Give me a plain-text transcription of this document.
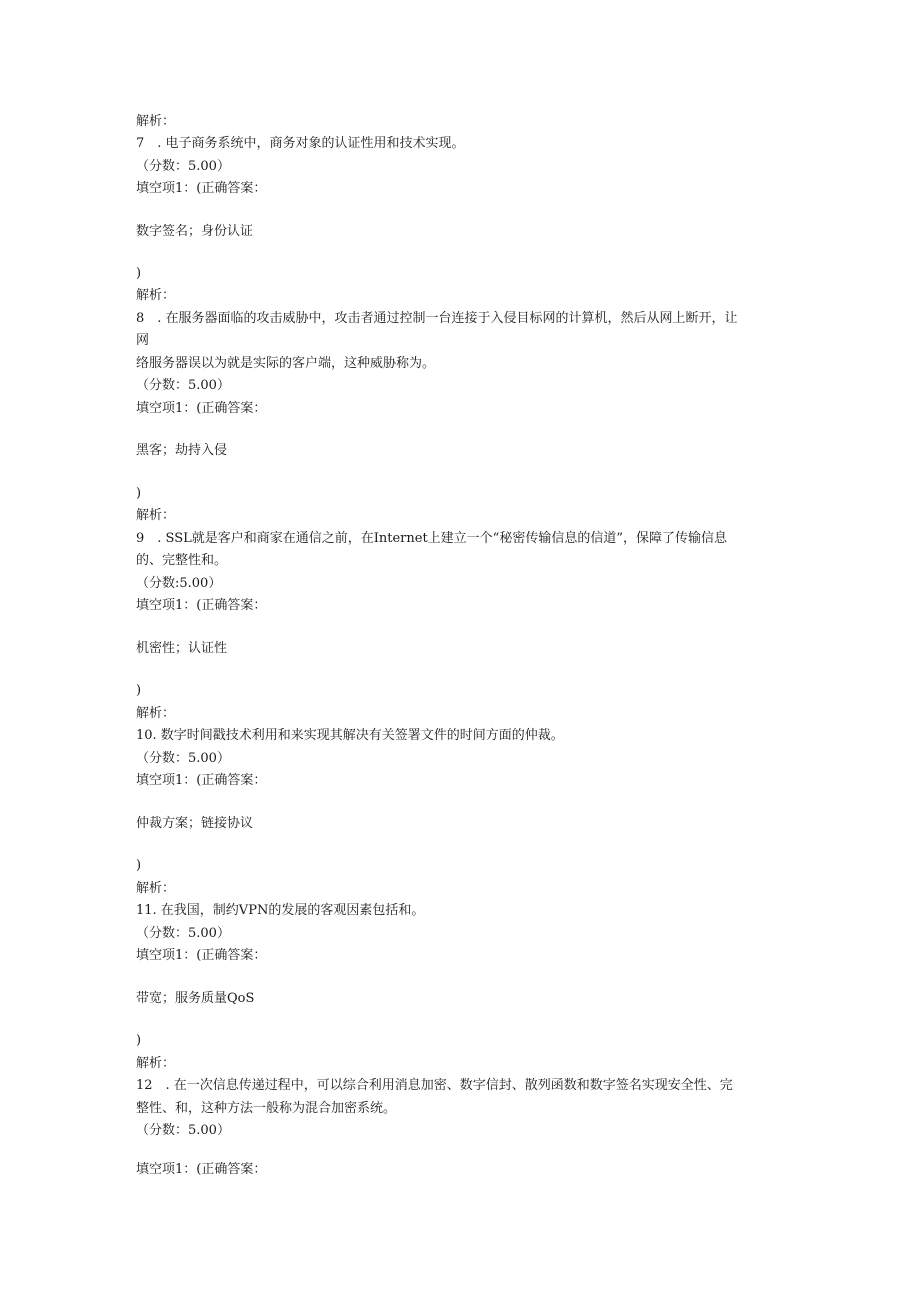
解析：
7　. 电子商务系统中，商务对象的认证性用和技术实现。
（分数：5.00）
填空项1：(正确答案：
数字签名；身份认证
)
解析：
8　. 在服务器面临的攻击威胁中，攻击者通过控制一台连接于入侵目标网的计算机，然后从网上断开，让
网
络服务器误以为就是实际的客户端，这种威胁称为。
（分数：5.00）
填空项1：(正确答案：
黑客；劫持入侵
)
解析：
9　. SSL就是客户和商家在通信之前，在Internet上建立一个“秘密传输信息的信道”，保障了传输信息
的、完整性和。
（分数:5.00）
填空项1：(正确答案：
机密性；认证性
)
解析：
10. 数字时间戳技术利用和来实现其解决有关签署文件的时间方面的仲裁。
（分数：5.00）
填空项1：(正确答案：
仲裁方案；链接协议
)
解析：
11. 在我国，制约VPN的发展的客观因素包括和。
（分数：5.00）
填空项1：(正确答案：
带宽；服务质量QoS
)
解析：
12　. 在一次信息传递过程中，可以综合利用消息加密、数字信封、散列函数和数字签名实现安全性、完
整性、和，这种方法一般称为混合加密系统。
（分数：5.00）
填空项1：(正确答案：
